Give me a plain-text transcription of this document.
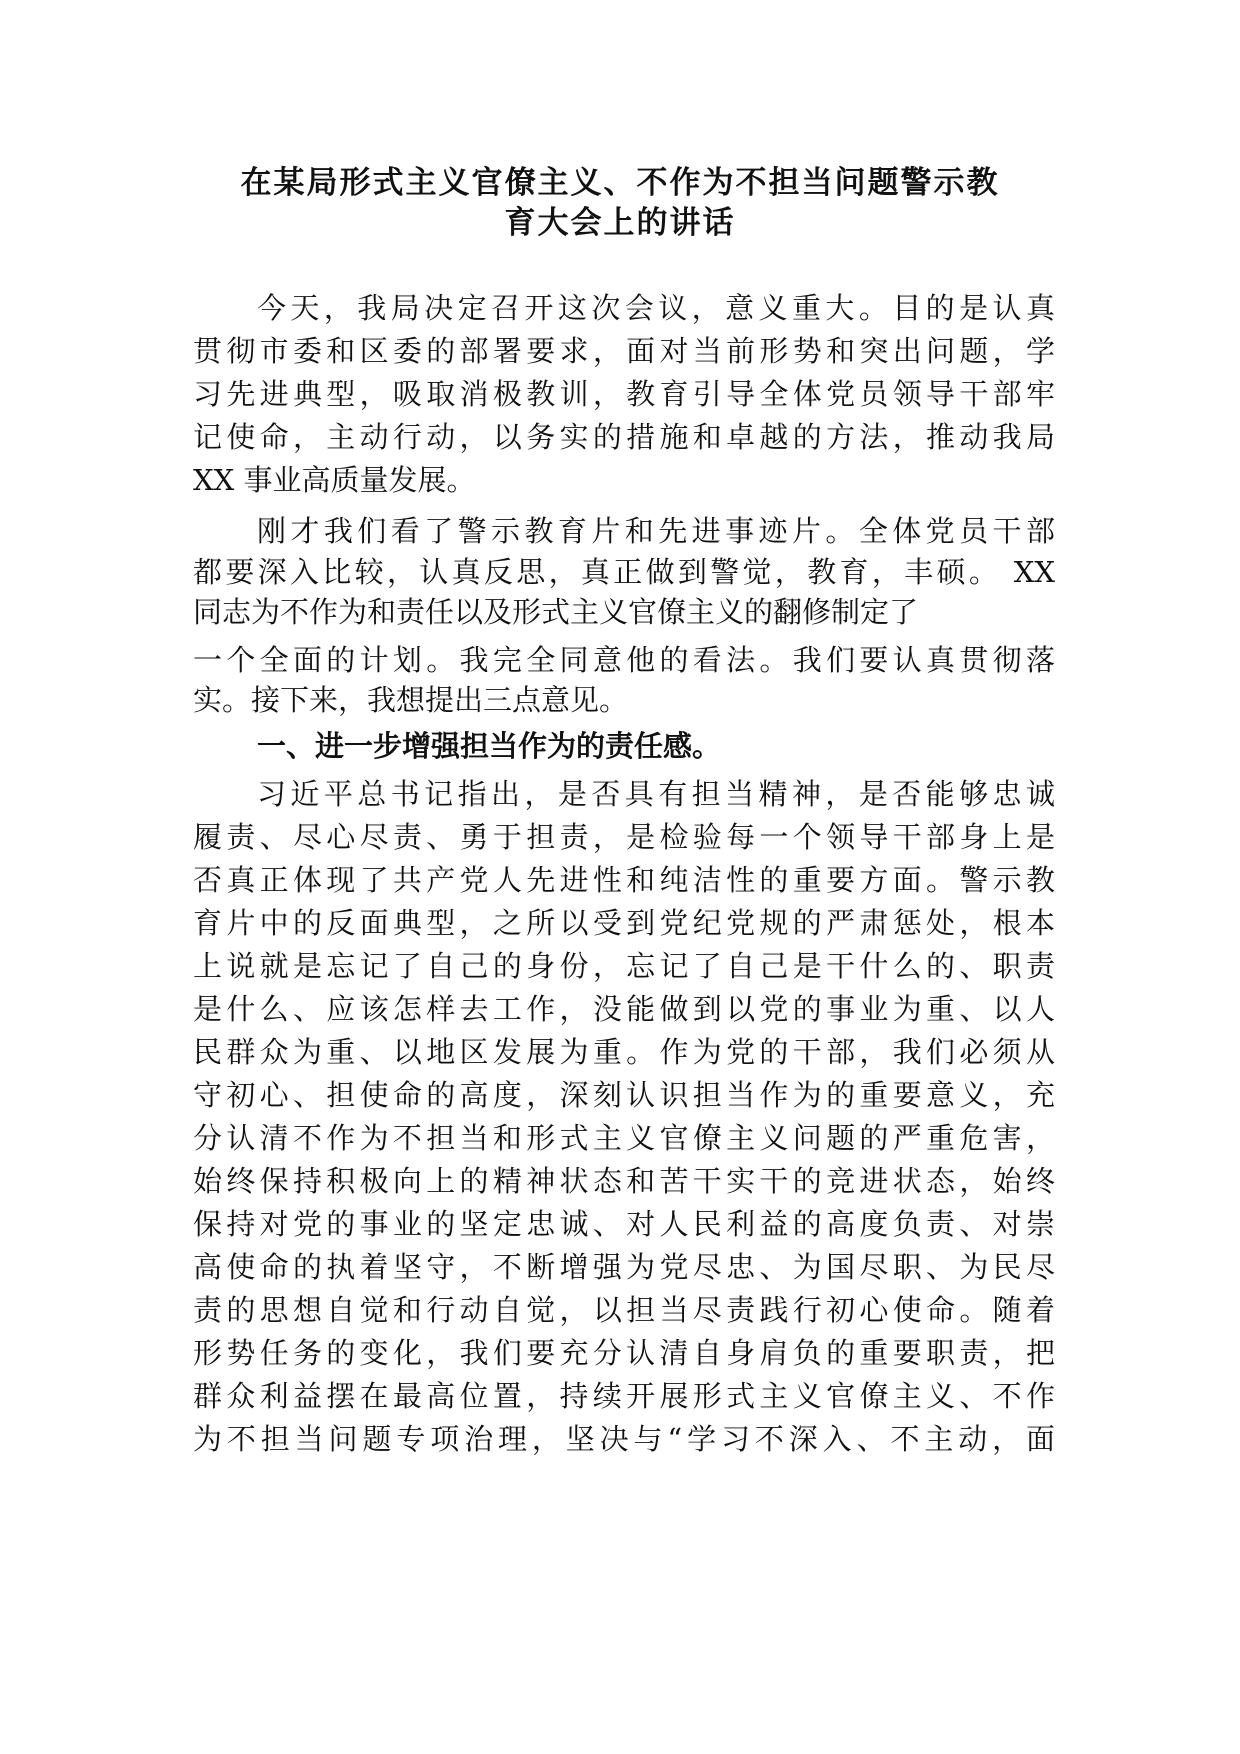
在某局形式主义官僚主义、不作为不担当问题警示教
育大会上的讲话
今天，我局决定召开这次会议，意义重大。目的是认真
贯彻市委和区委的部署要求，面对当前形势和突出问题，学
习先进典型，吸取消极教训，教育引导全体党员领导干部牢
记使命，主动行动，以务实的措施和卓越的方法，推动我局
XX 事业高质量发展。
刚才我们看了警示教育片和先进事迹片。全体党员干部
都要深入比较，认真反思，真正做到警觉，教育，丰硕。 XX
同志为不作为和责任以及形式主义官僚主义的翻修制定了
一个全面的计划。我完全同意他的看法。我们要认真贯彻落
实。接下来，我想提出三点意见。
一、进一步增强担当作为的责任感。
习近平总书记指出，是否具有担当精神，是否能够忠诚
履责、尽心尽责、勇于担责，是检验每一个领导干部身上是
否真正体现了共产党人先进性和纯洁性的重要方面。警示教
育片中的反面典型，之所以受到党纪党规的严肃惩处，根本
上说就是忘记了自己的身份，忘记了自己是干什么的、职责
是什么、应该怎样去工作，没能做到以党的事业为重、以人
民群众为重、以地区发展为重。作为党的干部，我们必须从
守初心、担使命的高度，深刻认识担当作为的重要意义，充
分认清不作为不担当和形式主义官僚主义问题的严重危害，
始终保持积极向上的精神状态和苦干实干的竞进状态，始终
保持对党的事业的坚定忠诚、对人民利益的高度负责、对崇
高使命的执着坚守，不断增强为党尽忠、为国尽职、为民尽
责的思想自觉和行动自觉，以担当尽责践行初心使命。随着
形势任务的变化，我们要充分认清自身肩负的重要职责，把
群众利益摆在最高位置，持续开展形式主义官僚主义、不作
为不担当问题专项治理，坚决与“学习不深入、不主动，面
